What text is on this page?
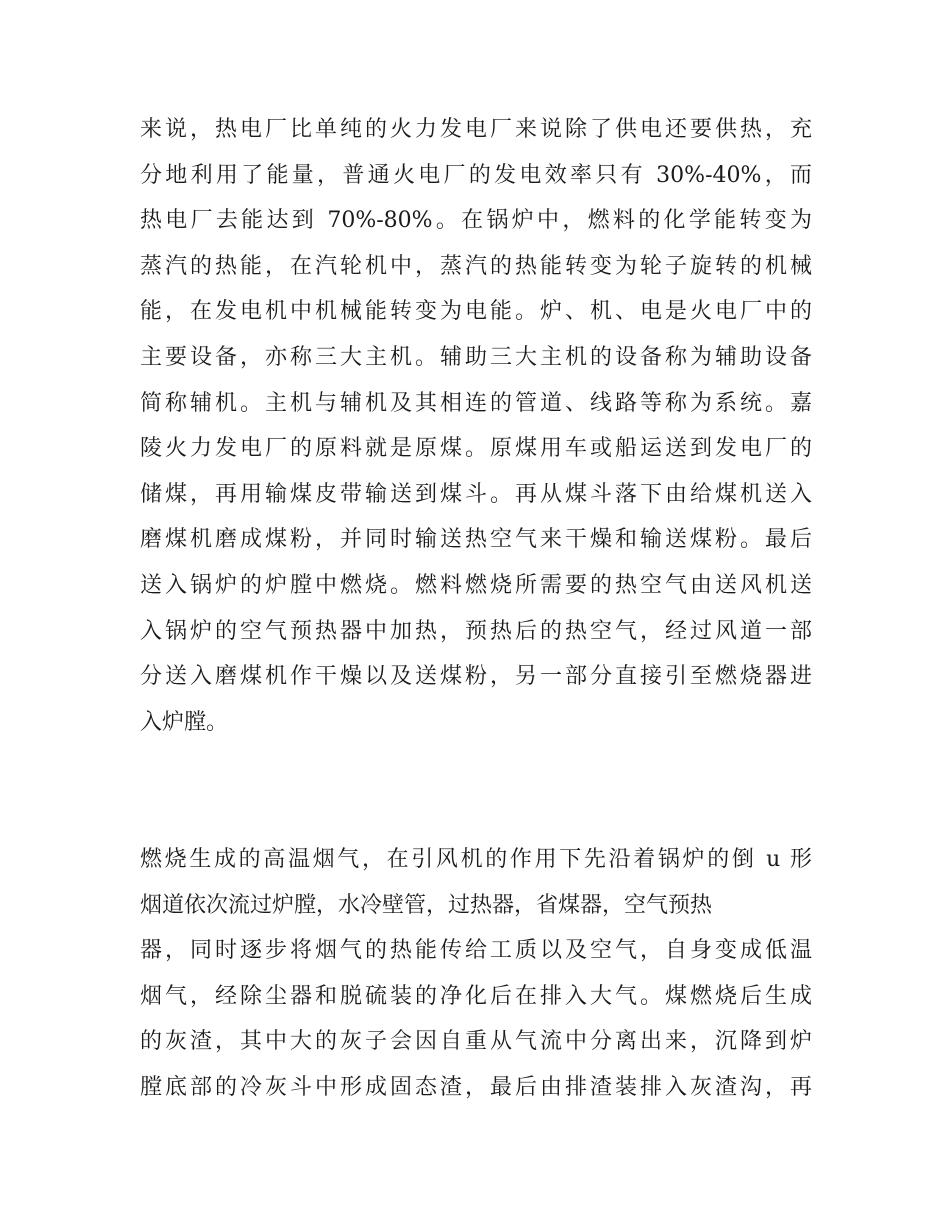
来说，热电厂比单纯的火力发电厂来说除了供电还要供热，充
分地利用了能量，普通火电厂的发电效率只有 30%-40%，而
热电厂去能达到 70%-80%。在锅炉中，燃料的化学能转变为
蒸汽的热能，在汽轮机中，蒸汽的热能转变为轮子旋转的机械
能，在发电机中机械能转变为电能。炉、机、电是火电厂中的
主要设备，亦称三大主机。辅助三大主机的设备称为辅助设备
简称辅机。主机与辅机及其相连的管道、线路等称为系统。嘉
陵火力发电厂的原料就是原煤。原煤用车或船运送到发电厂的
储煤，再用输煤皮带输送到煤斗。再从煤斗落下由给煤机送入
磨煤机磨成煤粉，并同时输送热空气来干燥和输送煤粉。最后
送入锅炉的炉膛中燃烧。燃料燃烧所需要的热空气由送风机送
入锅炉的空气预热器中加热，预热后的热空气，经过风道一部
分送入磨煤机作干燥以及送煤粉，另一部分直接引至燃烧器进
入炉膛。
燃烧生成的高温烟气，在引风机的作用下先沿着锅炉的倒 u 形
烟道依次流过炉膛，水冷壁管，过热器，省煤器，空气预热
器，同时逐步将烟气的热能传给工质以及空气，自身变成低温
烟气，经除尘器和脱硫装的净化后在排入大气。煤燃烧后生成
的灰渣，其中大的灰子会因自重从气流中分离出来，沉降到炉
膛底部的冷灰斗中形成固态渣，最后由排渣装排入灰渣沟，再
